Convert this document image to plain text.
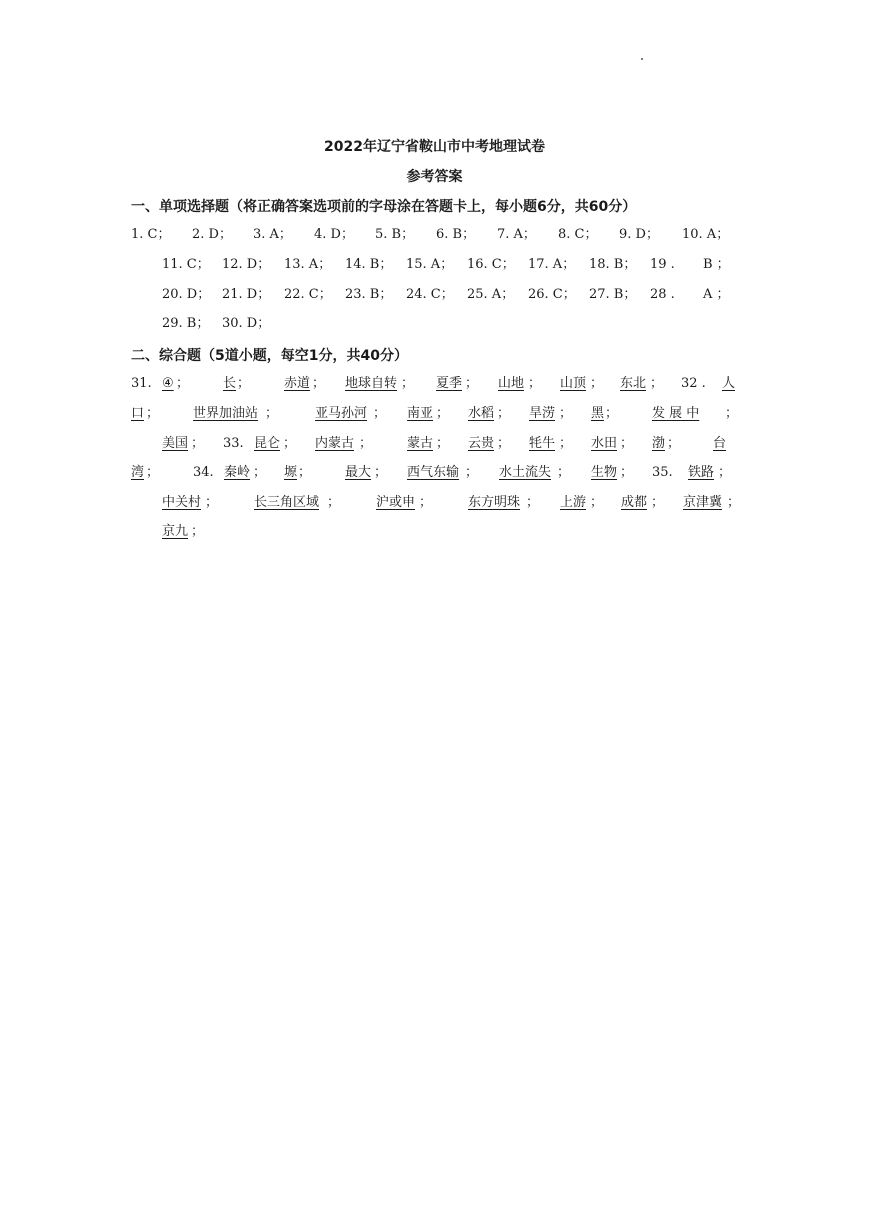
2022年辽宁省鞍山市中考地理试卷
参考答案
一、单项选择题（将正确答案选项前的字母涂在答题卡上，每小题6分，共60分）
1. C； 2. D； 3. A； 4. D； 5. B； 6. B； 7. A； 8. C； 9. D； 10. A；
11. C； 12. D； 13. A； 14. B； 15. A； 16. C； 17. A； 18. B； 19 . B ；
20. D； 21. D； 22. C； 23. B； 24. C； 25. A； 26. C； 27. B； 28 . A ；
29. B； 30. D；
二、综合题（5道小题，每空1分，共40分）
31. ④ ；	长 ；	赤道 ； 地球自转 ； 夏季 ； 山地 ； 山顶 ； 东北 ； 32 . 人
口 ；	世界加油站 ；	亚马孙河 ； 南亚 ； 水稻 ； 旱涝 ； 黑 ；	发 展 中 ；
美国 ； 33. 昆仑 ； 内蒙古 ；	蒙古 ； 云贵 ； 牦牛 ； 水田 ； 渤 ；	台
湾 ；	34. 秦岭 ； 塬 ；	最大 ； 西气东输 ； 水土流失 ； 生物 ； 35. 铁路 ；
中关村 ；	长三角区域 ；	沪或申 ；	东方明珠 ； 上游 ； 成都 ； 京津冀 ；
京九 ；
